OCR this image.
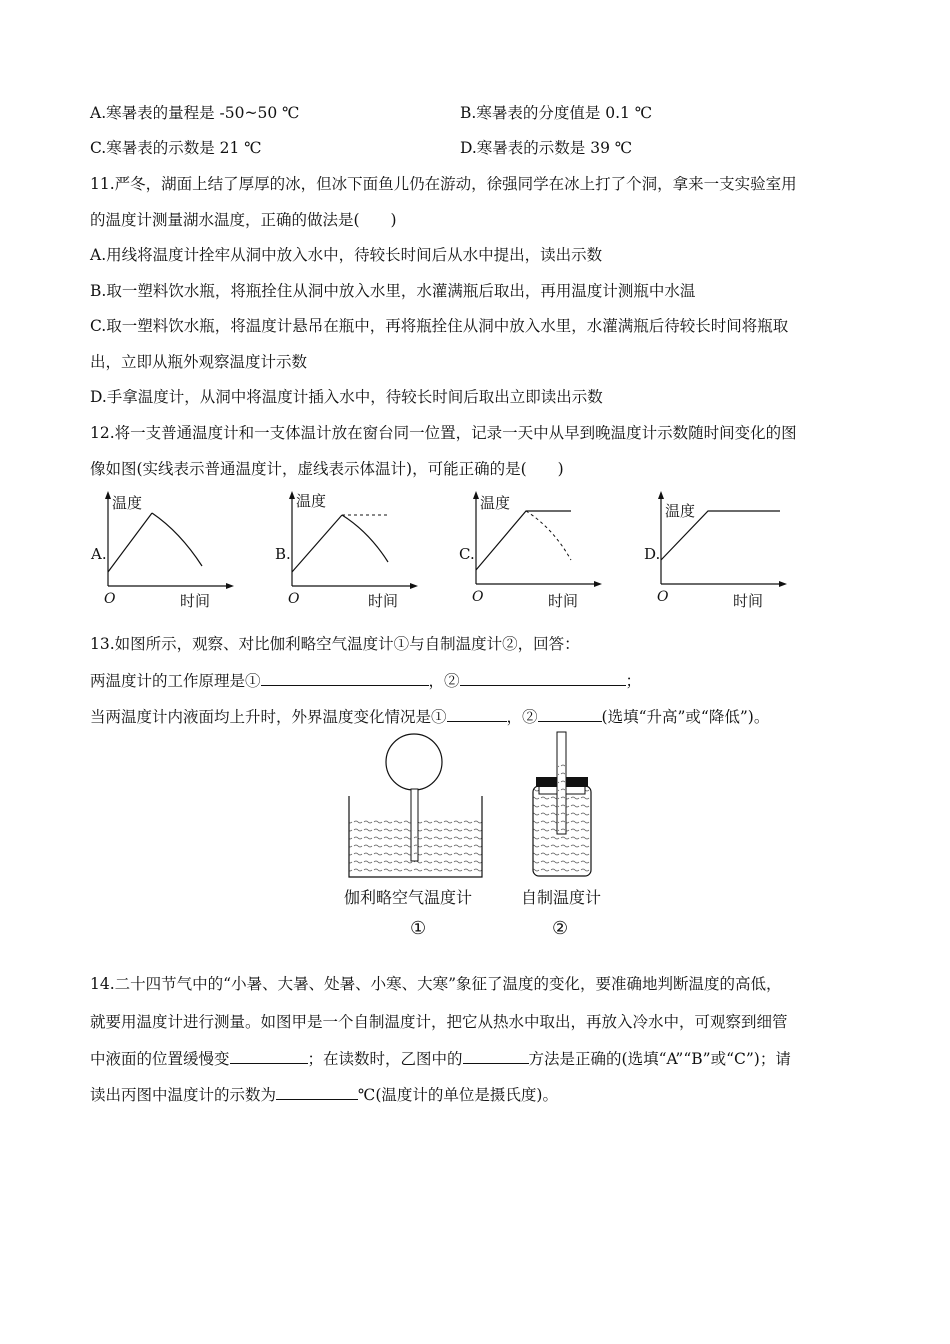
A.寒暑表的量程是 -50~50 ℃	B.寒暑表的分度值是 0.1 ℃
C.寒暑表的示数是 21 ℃	D.寒暑表的示数是 39 ℃
11.严冬，湖面上结了厚厚的冰，但冰下面鱼儿仍在游动，徐强同学在冰上打了个洞，拿来一支实验室用
的温度计测量湖水温度，正确的做法是(　　)
A.用线将温度计拴牢从洞中放入水中，待较长时间后从水中提出，读出示数
B.取一塑料饮水瓶，将瓶拴住从洞中放入水里，水灌满瓶后取出，再用温度计测瓶中水温
C.取一塑料饮水瓶，将温度计悬吊在瓶中，再将瓶拴住从洞中放入水里，水灌满瓶后待较长时间将瓶取
出，立即从瓶外观察温度计示数
D.手拿温度计，从洞中将温度计插入水中，待较长时间后取出立即读出示数
12.将一支普通温度计和一支体温计放在窗台同一位置，记录一天中从早到晚温度计示数随时间变化的图
像如图(实线表示普通温度计，虚线表示体温计)，可能正确的是(　　)
A.
温度
O	时间
B.
温度
O	时间
C.
温度
O	时间
D.
温度
O	时间
13.如图所示，观察、对比伽利略空气温度计①与自制温度计②，回答：
两温度计的工作原理是①	，②	；
当两温度计内液面均上升时，外界温度变化情况是①	，②	(选填“升高”或“降低”)。
伽利略空气温度计
①
自制温度计
②
14.二十四节气中的“小暑、大暑、处暑、小寒、大寒”象征了温度的变化，要准确地判断温度的高低，
就要用温度计进行测量。如图甲是一个自制温度计，把它从热水中取出，再放入冷水中，可观察到细管
中液面的位置缓慢变	；在读数时，乙图中的	方法是正确的(选填“A”“B”或“C”)；请
读出丙图中温度计的示数为	℃(温度计的单位是摄氏度)。
